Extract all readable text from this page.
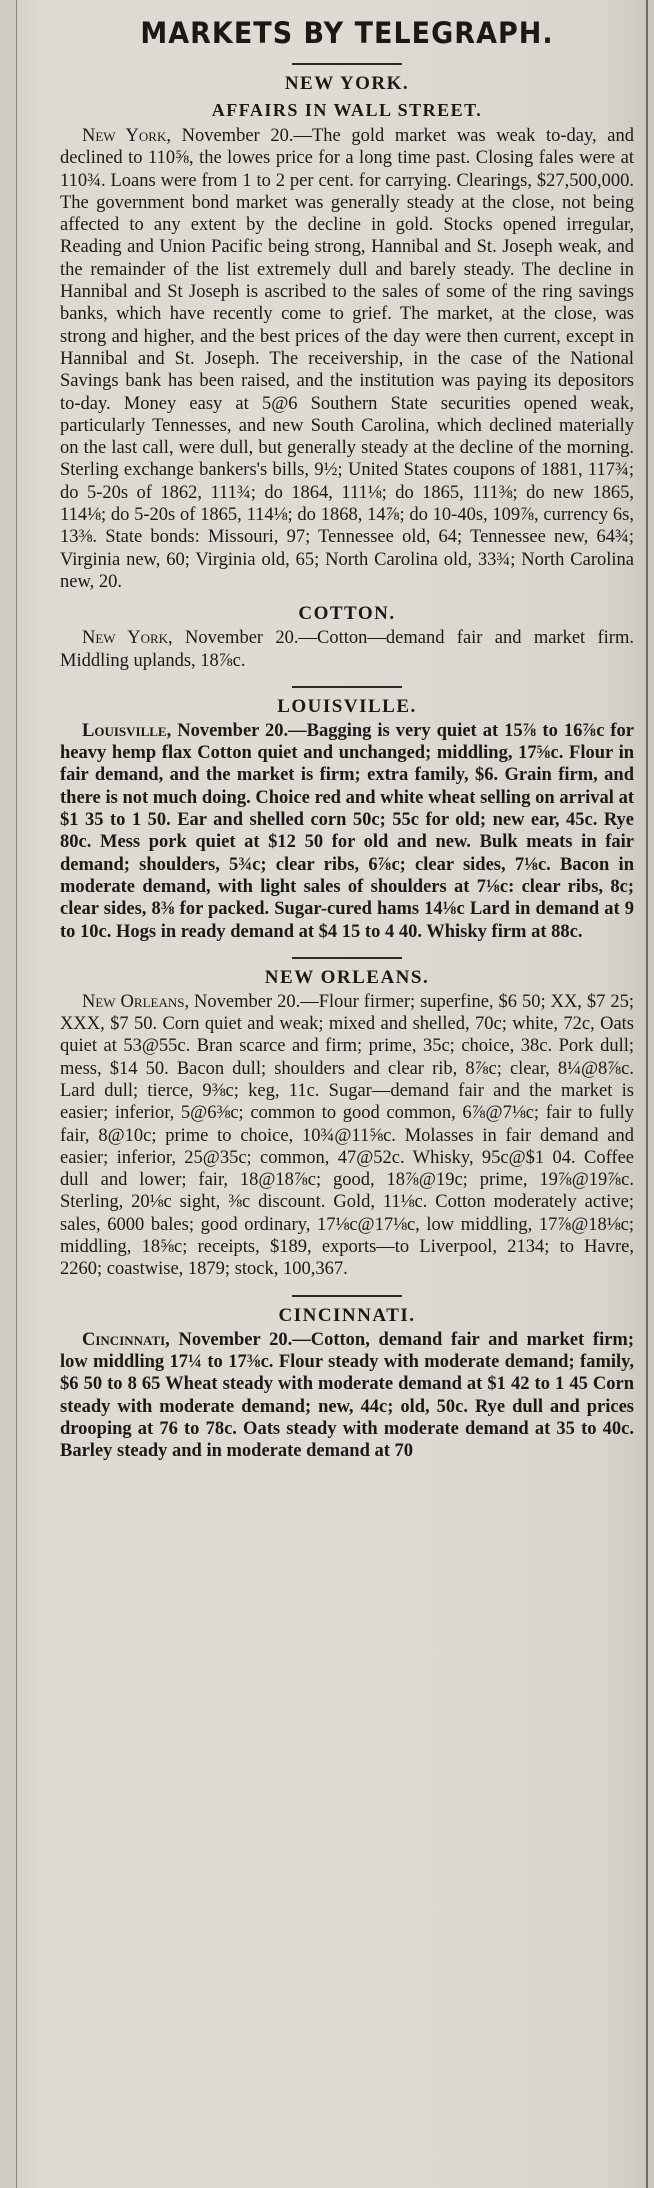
MARKETS BY TELEGRAPH.
NEW YORK.
AFFAIRS IN WALL STREET.

New York, November 20.—The gold market was weak to-day, and declined to 110⅝, the lowes price for a long time past. Closing fales were at 110¾. Loans were from 1 to 2 per cent. for carrying. Clearings, $27,500,000. The government bond market was generally steady at the close, not being affected to any extent by the decline in gold. Stocks opened irregular, Reading and Union Pacific being strong, Hannibal and St. Joseph weak, and the remainder of the list extremely dull and barely steady. The decline in Hannibal and St Joseph is ascribed to the sales of some of the ring savings banks, which have recently come to grief. The market, at the close, was strong and higher, and the best prices of the day were then current, except in Hannibal and St. Joseph. The receivership, in the case of the National Savings bank has been raised, and the institution was paying its depositors to-day. Money easy at 5@6 Southern State securities opened weak, particularly Tennesses, and new South Carolina, which declined materially on the last call, were dull, but generally steady at the decline of the morning. Sterling exchange bankers's bills, 9½; United States coupons of 1881, 117¾; do 5-20s of 1862, 111¾; do 1864, 111⅛; do 1865, 111⅜; do new 1865, 114⅛; do 5-20s of 1865, 114⅛; do 1868, 14⅞; do 10-40s, 109⅞, currency 6s, 13⅜. State bonds: Missouri, 97; Tennessee old, 64; Tennessee new, 64¾; Virginia new, 60; Virginia old, 65; North Carolina old, 33¾; North Carolina new, 20.

COTTON.

New York, November 20.—Cotton—demand fair and market firm. Middling uplands, 18⅞c.

LOUISVILLE.

Louisville, November 20.—Bagging is very quiet at 15⅞ to 16⅞c for heavy hemp flax Cotton quiet and unchanged; middling, 17⅝c. Flour in fair demand, and the market is firm; extra family, $6. Grain firm, and there is not much doing. Choice red and white wheat selling on arrival at $1 35 to 1 50. Ear and shelled corn 50c; 55c for old; new ear, 45c. Rye 80c. Mess pork quiet at $12 50 for old and new. Bulk meats in fair demand; shoulders, 5¾c; clear ribs, 6⅞c; clear sides, 7⅛c. Bacon in moderate demand, with light sales of shoulders at 7⅛c: clear ribs, 8c; clear sides, 8⅜ for packed. Sugar-cured hams 14⅛c Lard in demand at 9 to 10c. Hogs in ready demand at $4 15 to 4 40. Whisky firm at 88c.

NEW ORLEANS.

New Orleans, November 20.—Flour firmer; superfine, $6 50; XX, $7 25; XXX, $7 50. Corn quiet and weak; mixed and shelled, 70c; white, 72c, Oats quiet at 53@55c. Bran scarce and firm; prime, 35c; choice, 38c. Pork dull; mess, $14 50. Bacon dull; shoulders and clear rib, 8⅞c; clear, 8¼@8⅞c. Lard dull; tierce, 9⅜c; keg, 11c. Sugar—demand fair and the market is easier; inferior, 5@6⅜c; common to good common, 6⅞@7⅛c; fair to fully fair, 8@10c; prime to choice, 10¾@11⅝c. Molasses in fair demand and easier; inferior, 25@35c; common, 47@52c. Whisky, 95c@$1 04. Coffee dull and lower; fair, 18@18⅞c; good, 18⅞@19c; prime, 19⅞@19⅞c. Sterling, 20⅛c sight, ⅜c discount. Gold, 11⅛c. Cotton moderately active; sales, 6000 bales; good ordinary, 17⅛c@17⅛c, low middling, 17⅞@18⅛c; middling, 18⅝c; receipts, $189, exports—to Liverpool, 2134; to Havre, 2260; coastwise, 1879; stock, 100,367.

CINCINNATI.

Cincinnati, November 20.—Cotton, demand fair and market firm; low middling 17¼ to 17⅜c. Flour steady with moderate demand; family, $6 50 to 8 65 Wheat steady with moderate demand at $1 42 to 1 45 Corn steady with moderate demand; new, 44c; old, 50c. Rye dull and prices drooping at 76 to 78c. Oats steady with moderate demand at 35 to 40c. Barley steady and in moderate demand at 70
